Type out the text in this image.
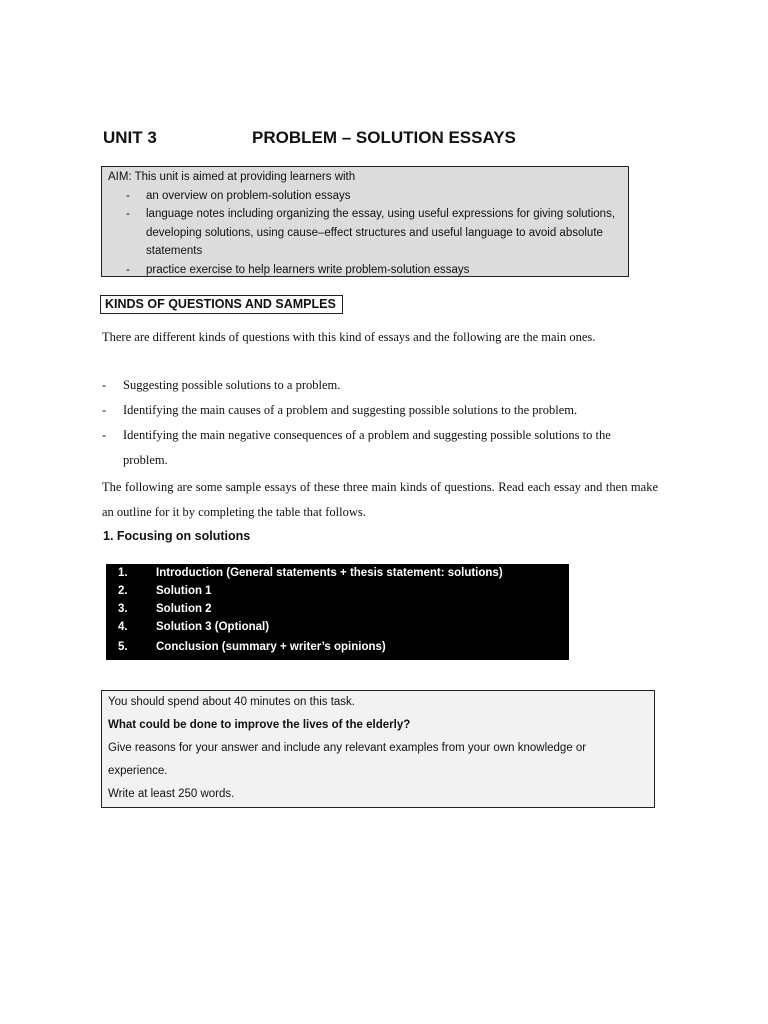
UNIT 3	PROBLEM – SOLUTION ESSAYS
AIM: This unit is aimed at providing learners with
- an overview on problem-solution essays
- language notes including organizing the essay, using useful expressions for giving solutions, developing solutions, using cause–effect structures and useful language to avoid absolute statements
- practice exercise to help learners write problem-solution essays
KINDS OF QUESTIONS AND SAMPLES
There are different kinds of questions with this kind of essays and the following are the main ones.
- Suggesting possible solutions to a problem.
- Identifying the main causes of a problem and suggesting possible solutions to the problem.
- Identifying the main negative consequences of a problem and suggesting possible solutions to the problem.
The following are some sample essays of these three main kinds of questions. Read each essay and then make an outline for it by completing the table that follows.
1. Focusing on solutions
1. Introduction (General statements + thesis statement: solutions)
2. Solution 1
3. Solution 2
4. Solution 3 (Optional)
5. Conclusion (summary + writer’s opinions)
You should spend about 40 minutes on this task.
What could be done to improve the lives of the elderly?
Give reasons for your answer and include any relevant examples from your own knowledge or experience.
Write at least 250 words.
